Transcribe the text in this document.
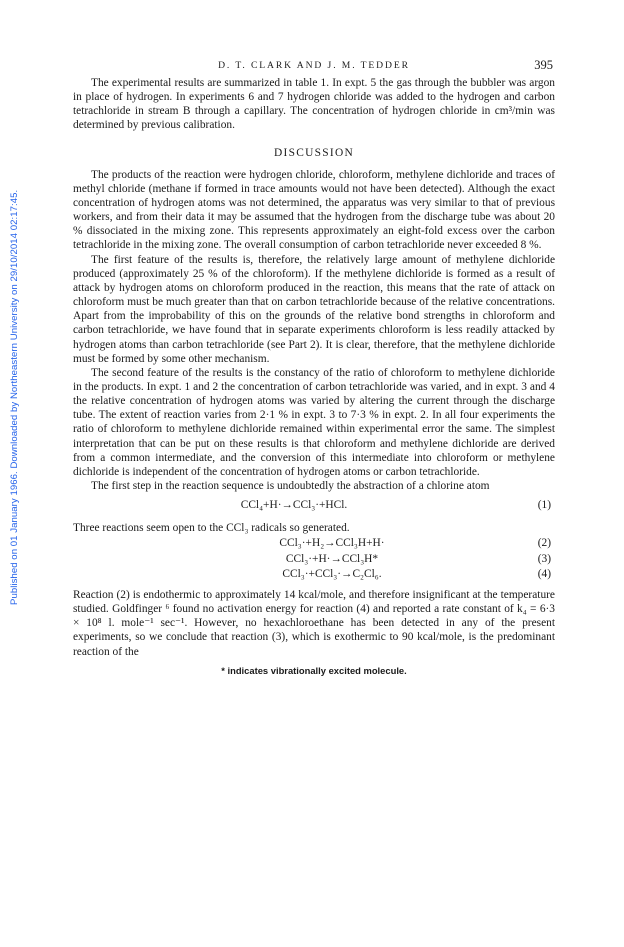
Published on 01 January 1966. Downloaded by Northeastern University on 29/10/2014 02:17:45.
D. T. CLARK AND J. M. TEDDER	395

The experimental results are summarized in table 1. In expt. 5 the gas through the bubbler was argon in place of hydrogen. In experiments 6 and 7 hydrogen chloride was added to the hydrogen and carbon tetrachloride in stream B through a capillary. The concentration of hydrogen chloride in cm³/min was determined by previous calibration.

DISCUSSION

The products of the reaction were hydrogen chloride, chloroform, methylene dichloride and traces of methyl chloride (methane if formed in trace amounts would not have been detected). Although the exact concentration of hydrogen atoms was not determined, the apparatus was very similar to that of previous workers, and from their data it may be assumed that the hydrogen from the discharge tube was about 20 % dissociated in the mixing zone. This represents approximately an eight-fold excess over the carbon tetrachloride in the mixing zone. The overall consumption of carbon tetrachloride never exceeded 8 %.

The first feature of the results is, therefore, the relatively large amount of methylene dichloride produced (approximately 25 % of the chloroform). If the methylene dichloride is formed as a result of attack by hydrogen atoms on chloroform produced in the reaction, this means that the rate of attack on chloroform must be much greater than that on carbon tetrachloride because of the relative concentrations. Apart from the improbability of this on the grounds of the relative bond strengths in chloroform and carbon tetrachloride, we have found that in separate experiments chloroform is less readily attacked by hydrogen atoms than carbon tetrachloride (see Part 2). It is clear, therefore, that the methylene dichloride must be formed by some other mechanism.

The second feature of the results is the constancy of the ratio of chloroform to methylene dichloride in the products. In expt. 1 and 2 the concentration of carbon tetrachloride was varied, and in expt. 3 and 4 the relative concentration of hydrogen atoms was varied by altering the current through the discharge tube. The extent of reaction varies from 2·1 % in expt. 3 to 7·3 % in expt. 2. In all four experiments the ratio of chloroform to methylene dichloride remained within experimental error the same. The simplest interpretation that can be put on these results is that chloroform and methylene dichloride are derived from a common intermediate, and the conversion of this intermediate into chloroform or methylene dichloride is independent of the concentration of hydrogen atoms or carbon tetrachloride.

The first step in the reaction sequence is undoubtedly the abstraction of a chlorine atom

CCl₄+H·→CCl₃·+HCl.	(1)

Three reactions seem open to the CCl₃ radicals so generated.

CCl₃·+H₂→CCl₃H+H·	(2)
CCl₃·+H·→CCl₃H*	(3)
CCl₃·+CCl₃·→C₂Cl₆.	(4)

Reaction (2) is endothermic to approximately 14 kcal/mole, and therefore insignificant at the temperature studied. Goldfinger ⁶ found no activation energy for reaction (4) and reported a rate constant of k₄ = 6·3 × 10⁸ l. mole⁻¹ sec⁻¹. However, no hexachloroethane has been detected in any of the present experiments, so we conclude that reaction (3), which is exothermic to 90 kcal/mole, is the predominant reaction of the

* indicates vibrationally excited molecule.
